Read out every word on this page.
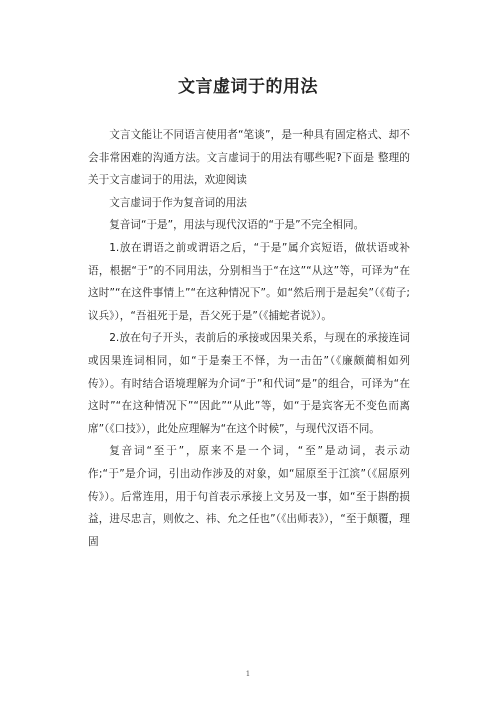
文言虚词于的用法

文言文能让不同语言使用者“笔谈”，是一种具有固定格式、却不会非常困难的沟通方法。文言虚词于的用法有哪些呢?下面是 整理的关于文言虚词于的用法，欢迎阅读

文言虚词于作为复音词的用法

复音词“于是”，用法与现代汉语的“于是”不完全相同。

1.放在谓语之前或谓语之后，“于是”属介宾短语，做状语或补语，根据“于”的不同用法，分别相当于“在这”“从这”等，可译为“在这时”“在这件事情上”“在这种情况下”。如“然后刑于是起矣”（《荀子;议兵》），“吾祖死于是，吾父死于是”（《捕蛇者说》）。

2.放在句子开头，表前后的承接或因果关系，与现在的承接连词或因果连词相同，如“于是秦王不怿，为一击缶”（《廉颇蔺相如列传》）。有时结合语境理解为介词“于”和代词“是”的组合，可译为“在这时”“在这种情况下”“因此”“从此”等，如“于是宾客无不变色而离席”（《口技》），此处应理解为“在这个时候”，与现代汉语不同。

复音词“至于”，原来不是一个词，“至”是动词，表示动作;“于”是介词，引出动作涉及的对象，如“屈原至于江滨”（《屈原列传》）。后常连用，用于句首表示承接上文另及一事，如“至于斟酌损益，进尽忠言，则攸之、祎、允之任也”（《出师表》），“至于颠覆，理固

1
